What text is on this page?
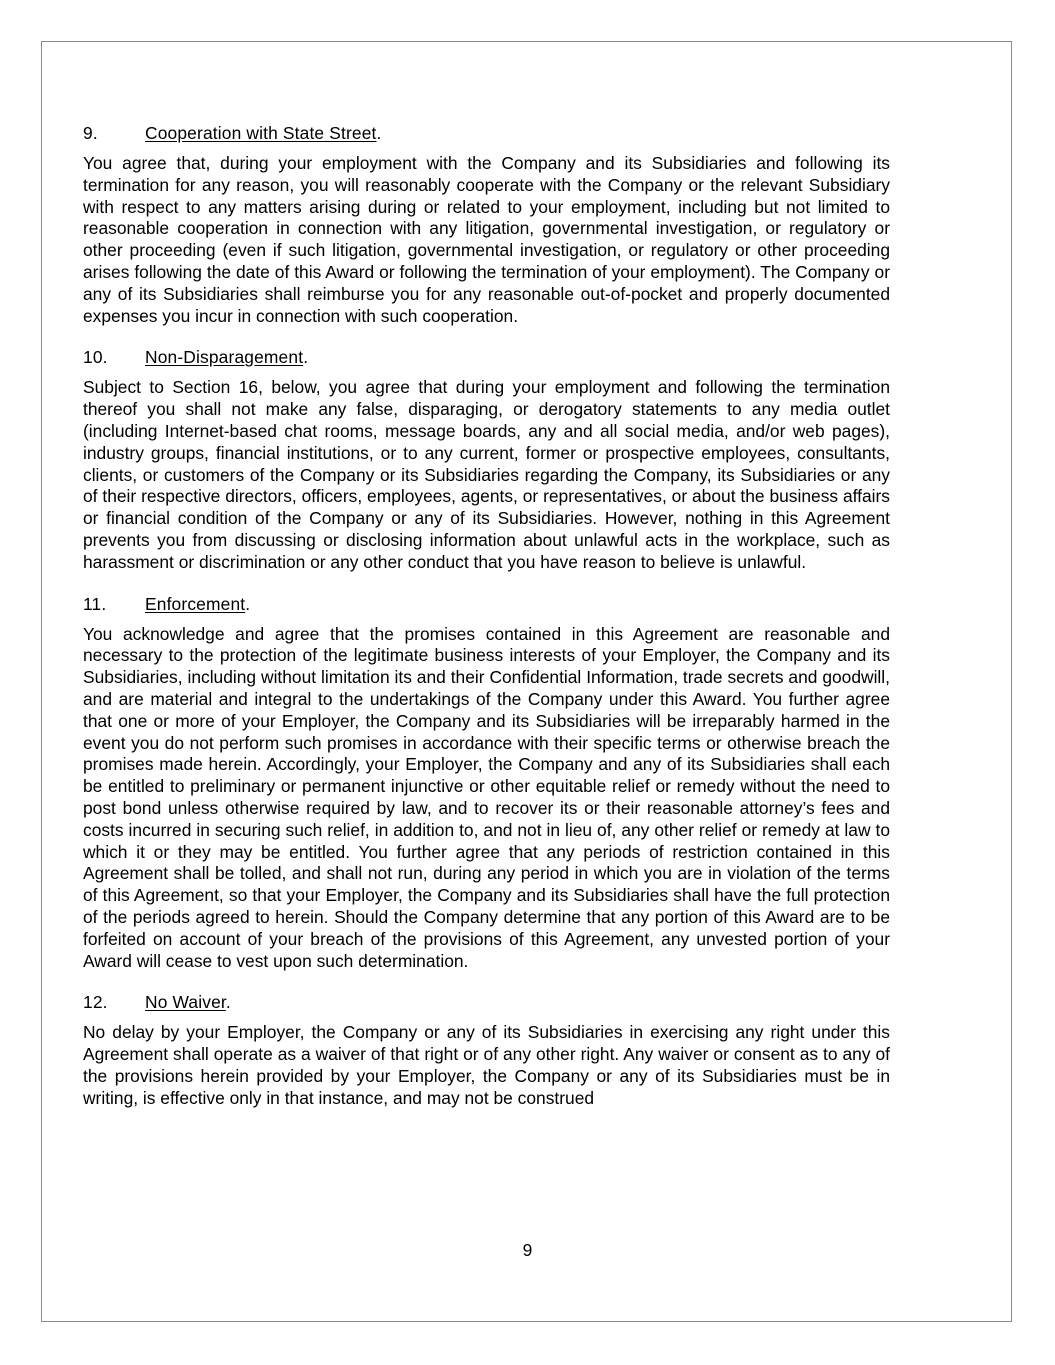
9.	Cooperation with State Street.
You agree that, during your employment with the Company and its Subsidiaries and following its termination for any reason, you will reasonably cooperate with the Company or the relevant Subsidiary with respect to any matters arising during or related to your employment, including but not limited to reasonable cooperation in connection with any litigation, governmental investigation, or regulatory or other proceeding (even if such litigation, governmental investigation, or regulatory or other proceeding arises following the date of this Award or following the termination of your employment). The Company or any of its Subsidiaries shall reimburse you for any reasonable out-of-pocket and properly documented expenses you incur in connection with such cooperation.
10.	Non-Disparagement.
Subject to Section 16, below, you agree that during your employment and following the termination thereof you shall not make any false, disparaging, or derogatory statements to any media outlet (including Internet-based chat rooms, message boards, any and all social media, and/or web pages), industry groups, financial institutions, or to any current, former or prospective employees, consultants, clients, or customers of the Company or its Subsidiaries regarding the Company, its Subsidiaries or any of their respective directors, officers, employees, agents, or representatives, or about the business affairs or financial condition of the Company or any of its Subsidiaries. However, nothing in this Agreement prevents you from discussing or disclosing information about unlawful acts in the workplace, such as harassment or discrimination or any other conduct that you have reason to believe is unlawful.
11.	Enforcement.
You acknowledge and agree that the promises contained in this Agreement are reasonable and necessary to the protection of the legitimate business interests of your Employer, the Company and its Subsidiaries, including without limitation its and their Confidential Information, trade secrets and goodwill, and are material and integral to the undertakings of the Company under this Award. You further agree that one or more of your Employer, the Company and its Subsidiaries will be irreparably harmed in the event you do not perform such promises in accordance with their specific terms or otherwise breach the promises made herein. Accordingly, your Employer, the Company and any of its Subsidiaries shall each be entitled to preliminary or permanent injunctive or other equitable relief or remedy without the need to post bond unless otherwise required by law, and to recover its or their reasonable attorney’s fees and costs incurred in securing such relief, in addition to, and not in lieu of, any other relief or remedy at law to which it or they may be entitled. You further agree that any periods of restriction contained in this Agreement shall be tolled, and shall not run, during any period in which you are in violation of the terms of this Agreement, so that your Employer, the Company and its Subsidiaries shall have the full protection of the periods agreed to herein. Should the Company determine that any portion of this Award are to be forfeited on account of your breach of the provisions of this Agreement, any unvested portion of your Award will cease to vest upon such determination.
12.	No Waiver.
No delay by your Employer, the Company or any of its Subsidiaries in exercising any right under this Agreement shall operate as a waiver of that right or of any other right. Any waiver or consent as to any of the provisions herein provided by your Employer, the Company or any of its Subsidiaries must be in writing, is effective only in that instance, and may not be construed
9
